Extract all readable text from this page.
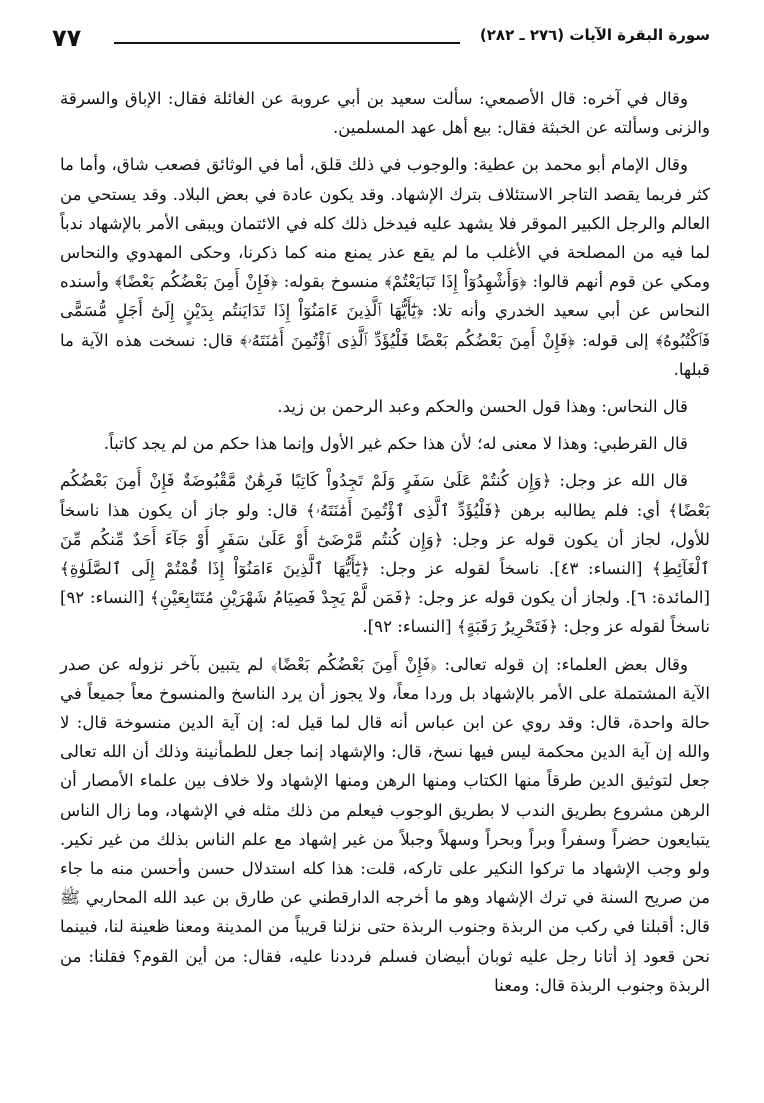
٧٧	سورة البقرة الآيات (٢٧٦ ـ ٢٨٢)

وقال في آخره: قال الأصمعي: سألت سعيد بن أبي عروبة عن الغائلة فقال: الإباق والسرقة والزنى وسألته عن الخبثة فقال: بيع أهل عهد المسلمين.

وقال الإمام أبو محمد بن عطية: والوجوب في ذلك قلق، أما في الوثائق فصعب شاق، وأما ما كثر فربما يقصد التاجر الاستئلاف بترك الإشهاد. وقد يكون عادة في بعض البلاد. وقد يستحي من العالم والرجل الكبير الموقر فلا يشهد عليه فيدخل ذلك كله في الائتمان ويبقى الأمر بالإشهاد ندباً لما فيه من المصلحة في الأغلب ما لم يقع عذر يمنع منه كما ذكرنا، وحكى المهدوي والنحاس ومكي عن قوم أنهم قالوا: ﴿وَأَشْهِدُوٓاْ إِذَا تَبَايَعْتُمْ﴾ منسوخ بقوله: ﴿فَإِنْ أَمِنَ بَعْضُكُم بَعْضًا﴾ وأسنده النحاس عن أبي سعيد الخدري وأنه تلا: ﴿يَٰٓأَيُّهَا ٱلَّذِينَ ءَامَنُوٓاْ إِذَا تَدَايَنتُم بِدَيْنٍ إِلَىٰٓ أَجَلٍ مُّسَمًّى فَٱكْتُبُوهُ﴾ إلى قوله: ﴿فَإِنْ أَمِنَ بَعْضُكُم بَعْضًا فَلْيُؤَدِّ ٱلَّذِى ٱؤْتُمِنَ أَمَٰنَتَهُۥ﴾ قال: نسخت هذه الآية ما قبلها.

قال النحاس: وهذا قول الحسن والحكم وعبد الرحمن بن زيد.

قال القرطبي: وهذا لا معنى له؛ لأن هذا حكم غير الأول وإنما هذا حكم من لم يجد كاتباً.

قال الله عز وجل: ﴿وَإِن كُنتُمْ عَلَىٰ سَفَرٍ وَلَمْ تَجِدُواْ كَاتِبًا فَرِهَٰنٌ مَّقْبُوضَةٌ فَإِنْ أَمِنَ بَعْضُكُم بَعْضًا﴾ أي: فلم يطالبه برهن ﴿فَلْيُؤَدِّ ٱلَّذِى ٱؤْتُمِنَ أَمَٰنَتَهُۥ﴾ قال: ولو جاز أن يكون هذا ناسخاً للأول، لجاز أن يكون قوله عز وجل: ﴿وَإِن كُنتُم مَّرْضَىٰٓ أَوْ عَلَىٰ سَفَرٍ أَوْ جَآءَ أَحَدٌ مِّنكُم مِّنَ ٱلْغَآئِطِ﴾ [النساء: ٤٣]. ناسخاً لقوله عز وجل: ﴿يَٰٓأَيُّهَا ٱلَّذِينَ ءَامَنُوٓاْ إِذَا قُمْتُمْ إِلَى ٱلصَّلَوٰةِ﴾ [المائدة: ٦]. ولجاز أن يكون قوله عز وجل: ﴿فَمَن لَّمْ يَجِدْ فَصِيَامُ شَهْرَيْنِ مُتَتَابِعَيْنِ﴾ [النساء: ٩٢] ناسخاً لقوله عز وجل: ﴿فَتَحْرِيرُ رَقَبَةٍ﴾ [النساء: ٩٢].

وقال بعض العلماء: إن قوله تعالى: ﴿فَإِنْ أَمِنَ بَعْضُكُم بَعْضًا﴾ لم يتبين بآخر نزوله عن صدر الآية المشتملة على الأمر بالإشهاد بل وردا معاً، ولا يجوز أن يرد الناسخ والمنسوخ معاً جميعاً في حالة واحدة، قال: وقد روي عن ابن عباس أنه قال لما قيل له: إن آية الدين منسوخة قال: لا والله إن آية الدين محكمة ليس فيها نسخ، قال: والإشهاد إنما جعل للطمأنينة وذلك أن الله تعالى جعل لتوثيق الدين طرقاً منها الكتاب ومنها الرهن ومنها الإشهاد ولا خلاف بين علماء الأمصار أن الرهن مشروع بطريق الندب لا بطريق الوجوب فيعلم من ذلك مثله في الإشهاد، وما زال الناس يتبايعون حضراً وسفراً وبراً وبحراً وسهلاً وجبلاً من غير إشهاد مع علم الناس بذلك من غير نكير. ولو وجب الإشهاد ما تركوا النكير على تاركه، قلت: هذا كله استدلال حسن وأحسن منه ما جاء من صريح السنة في ترك الإشهاد وهو ما أخرجه الدارقطني عن طارق بن عبد الله المحاربي ﷺ قال: أقبلنا في ركب من الربذة وجنوب الربذة حتى نزلنا قريباً من المدينة ومعنا ظعينة لنا، فبينما نحن قعود إذ أتانا رجل عليه ثوبان أبيضان فسلم فرددنا عليه، فقال: من أين القوم؟ فقلنا: من الربذة وجنوب الربذة قال: ومعنا
